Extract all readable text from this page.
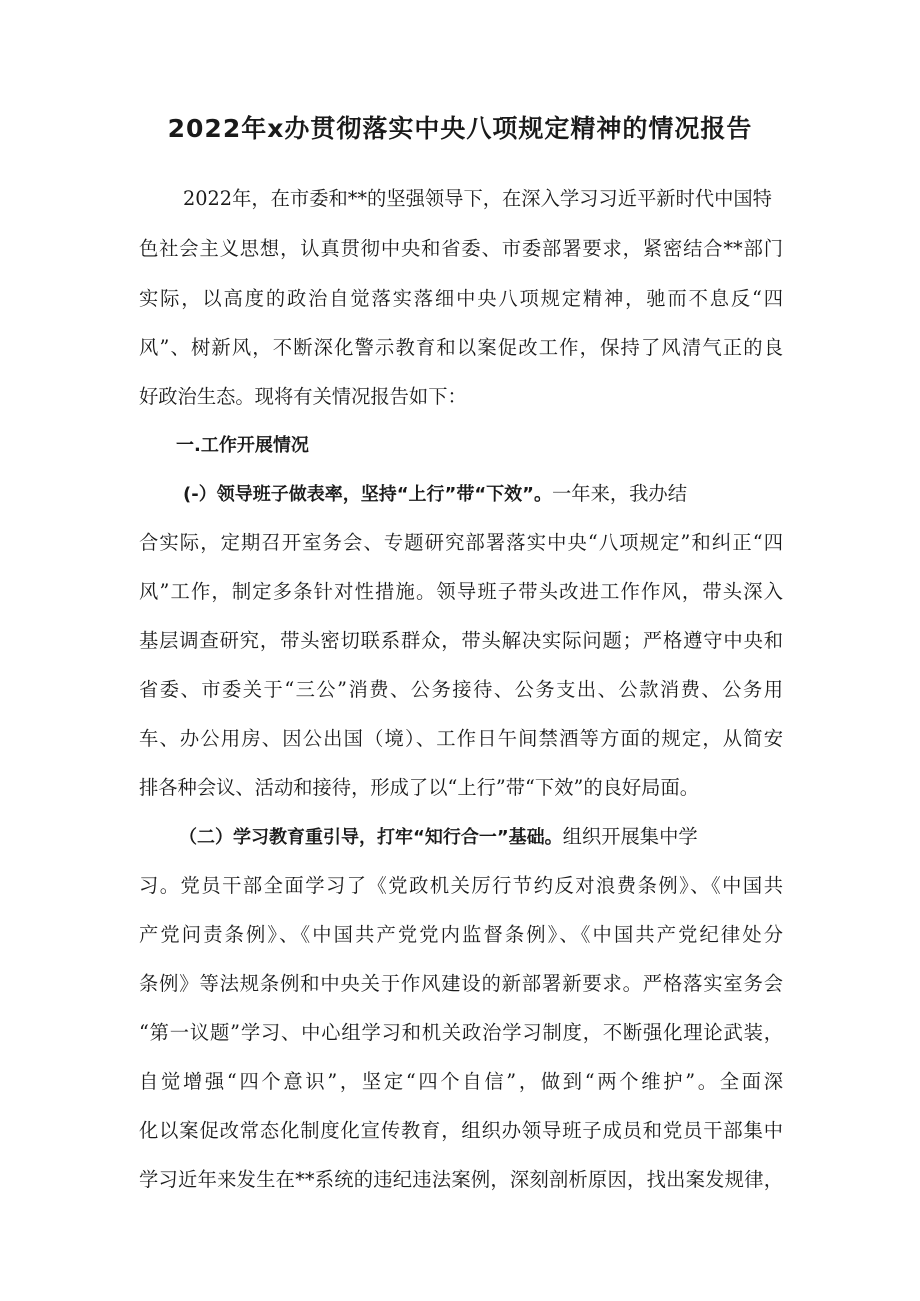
2022年x办贯彻落实中央八项规定精神的情况报告

2022年，在市委和**的坚强领导下，在深入学习习近平新时代中国特

色社会主义思想，认真贯彻中央和省委、市委部署要求，紧密结合**部门

实际，以高度的政治自觉落实落细中央八项规定精神，驰而不息反“四

风”、树新风，不断深化警示教育和以案促改工作，保持了风清气正的良

好政治生态。现将有关情况报告如下：

一.工作开展情况

(-）领导班子做表率，坚持“上行”带“下效”。一年来，我办结

合实际，定期召开室务会、专题研究部署落实中央“八项规定”和纠正“四

风”工作，制定多条针对性措施。领导班子带头改进工作作风，带头深入

基层调查研究，带头密切联系群众，带头解决实际问题；严格遵守中央和

省委、市委关于“三公”消费、公务接待、公务支出、公款消费、公务用

车、办公用房、因公出国（境）、工作日午间禁酒等方面的规定，从简安

排各种会议、活动和接待，形成了以“上行”带“下效”的良好局面。

（二）学习教育重引导，打牢“知行合一”基础。组织开展集中学

习。党员干部全面学习了《党政机关厉行节约反对浪费条例》、《中国共

产党问责条例》、《中国共产党党内监督条例》、《中国共产党纪律处分

条例》等法规条例和中央关于作风建设的新部署新要求。严格落实室务会

“第一议题”学习、中心组学习和机关政治学习制度，不断强化理论武装，

自觉增强“四个意识”，坚定“四个自信”，做到“两个维护”。全面深

化以案促改常态化制度化宣传教育，组织办领导班子成员和党员干部集中

学习近年来发生在**系统的违纪违法案例，深刻剖析原因，找出案发规律，
